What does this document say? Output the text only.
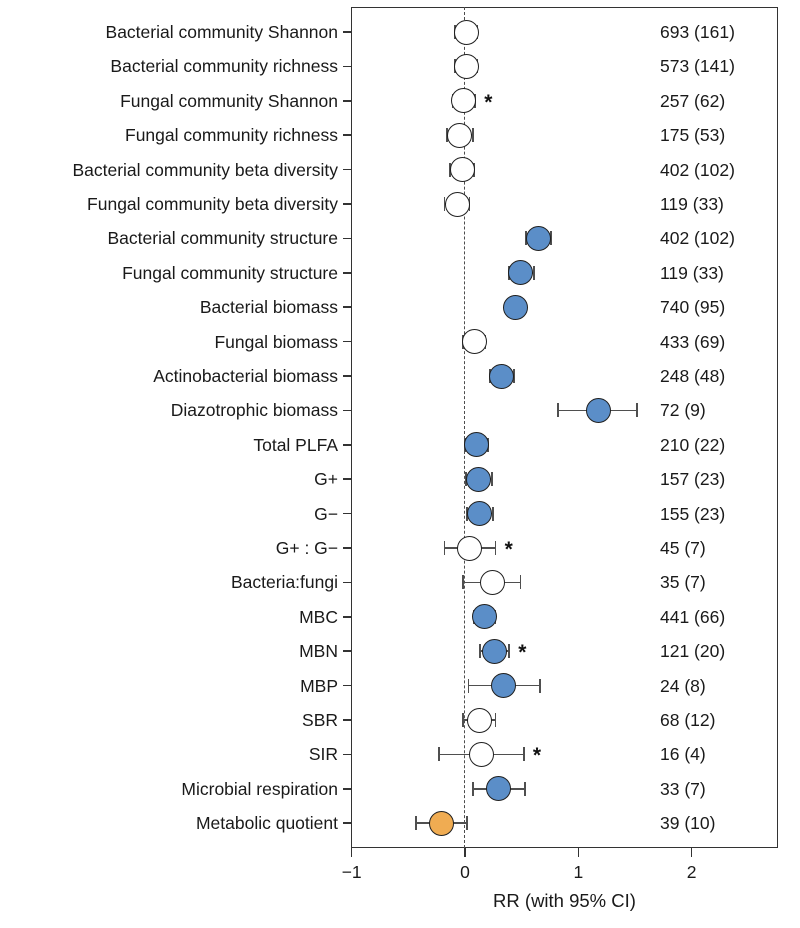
Bacterial community Shannon	693 (161)
Bacterial community richness	573 (141)
Fungal community Shannon	*	257 (62)
Fungal community richness	175 (53)
Bacterial community beta diversity	402 (102)
Fungal community beta diversity	119 (33)
Bacterial community structure	402 (102)
Fungal community structure	119 (33)
Bacterial biomass	740 (95)
Fungal biomass	433 (69)
Actinobacterial biomass	248 (48)
Diazotrophic biomass	72 (9)
Total PLFA	210 (22)
G+	157 (23)
G−	155 (23)
G+ : G−	*	45 (7)
Bacteria:fungi	35 (7)
MBC	441 (66)
MBN	*	121 (20)
MBP	24 (8)
SBR	68 (12)
SIR	*	16 (4)
Microbial respiration	33 (7)
Metabolic quotient	39 (10)
−1	0	1	2
RR (with 95% CI)
